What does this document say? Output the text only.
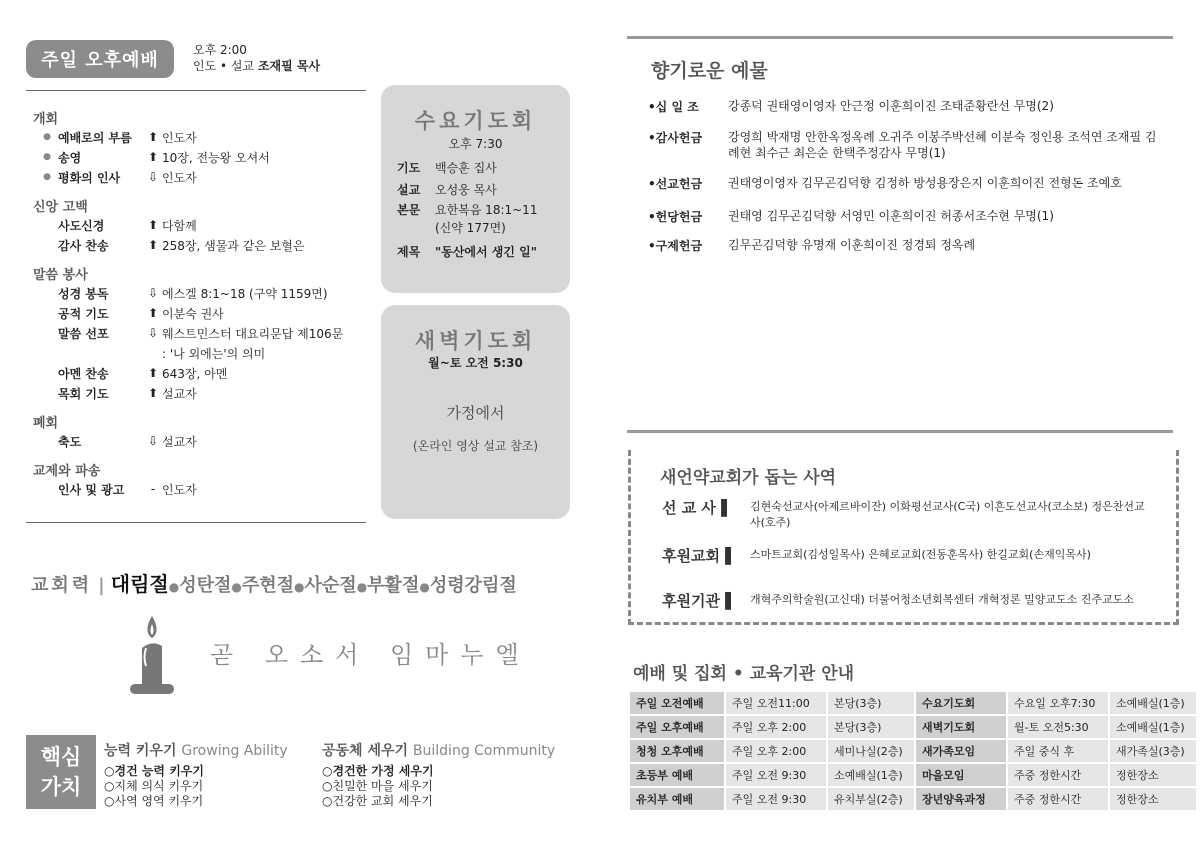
주일 오후예배	오후 2:00
인도 • 설교 조재필 목사
개회
● 예배로의 부름	⬆ 인도자
● 송영	⬆ 10장, 전능왕 오셔서
● 평화의 인사	⇩ 인도자
신앙 고백
사도신경	⬆ 다함께
감사 찬송	⬆ 258장, 샘물과 같은 보혈은
말씀 봉사
성경 봉독	⇩ 에스겔 8:1~18 (구약 1159면)
공적 기도	⬆ 이분숙 권사
말씀 선포	⇩ 웨스트민스터 대요리문답 제106문
: '나 외에는'의 의미
아멘 찬송	⬆ 643장, 아멘
목회 기도	⬆ 설교자
폐회
축도	⇩ 설교자
교제와 파송
인사 및 광고	- 인도자
수요기도회
오후 7:30
기도	백승훈 집사
설교	오성웅 목사
본문	요한복음 18:1~11
(신약 177면)
제목	"동산에서 생긴 일"
새벽기도회
월~토 오전 5:30
가정에서
(온라인 영상 설교 참조)
교회력 | 대림절●성탄절●주현절●사순절●부활절●성령강림절
곧 오소서 임마누엘
핵심
가치
능력 키우기 Growing Ability
○경건 능력 키우기
○지체 의식 키우기
○사역 영역 키우기
공동체 세우기 Building Community
○경건한 가정 세우기
○친밀한 마을 세우기
○건강한 교회 세우기
향기로운 예물
•십 일 조	강종덕 권태영이영자 안근정 이훈희이진 조태준황란선 무명(2)
•감사헌금	강영희 박재명 안한옥정옥례 오귀주 이봉주박선혜 이분숙 정인용 조석연 조재필 김례현 최수근 최은순 한택주정감사 무명(1)
•선교헌금	권태영이영자 김무곤김덕향 김정하 방성용장은지 이훈희이진 전형돈 조예호
•헌당헌금	권태영 김무곤김덕향 서영민 이훈희이진 허종서조수현 무명(1)
•구제헌금	김무곤김덕향 유명재 이훈희이진 정경퇴 정옥례
새언약교회가 돕는 사역
선 교 사 ▌	김현숙선교사(아제르바이잔) 이화평선교사(C국) 이흔도선교사(코소보) 정은찬선교사(호주)
후원교회 ▌	스마트교회(김성일목사) 은혜로교회(전동훈목사) 한길교회(손재익목사)
후원기관 ▌	개혁주의학술원(고신대) 더불어청소년회복센터 개혁정론 밀양교도소 진주교도소
예배 및 집회 • 교육기관 안내
주일 오전예배	주일 오전11:00	본당(3층)	수요기도회	수요일 오후7:30	소예배실(1층)
주일 오후예배	주일 오후 2:00	본당(3층)	새벽기도회	월-토 오전5:30	소예배실(1층)
청청 오후예배	주일 오후 2:00	세미나실(2층)	새가족모임	주일 중식 후	새가족실(3층)
초등부 예배	주일 오전 9:30	소예배실(1층)	마을모임	주중 정한시간	정한장소
유치부 예배	주일 오전 9:30	유치부실(2층)	장년양육과정	주중 정한시간	정한장소
